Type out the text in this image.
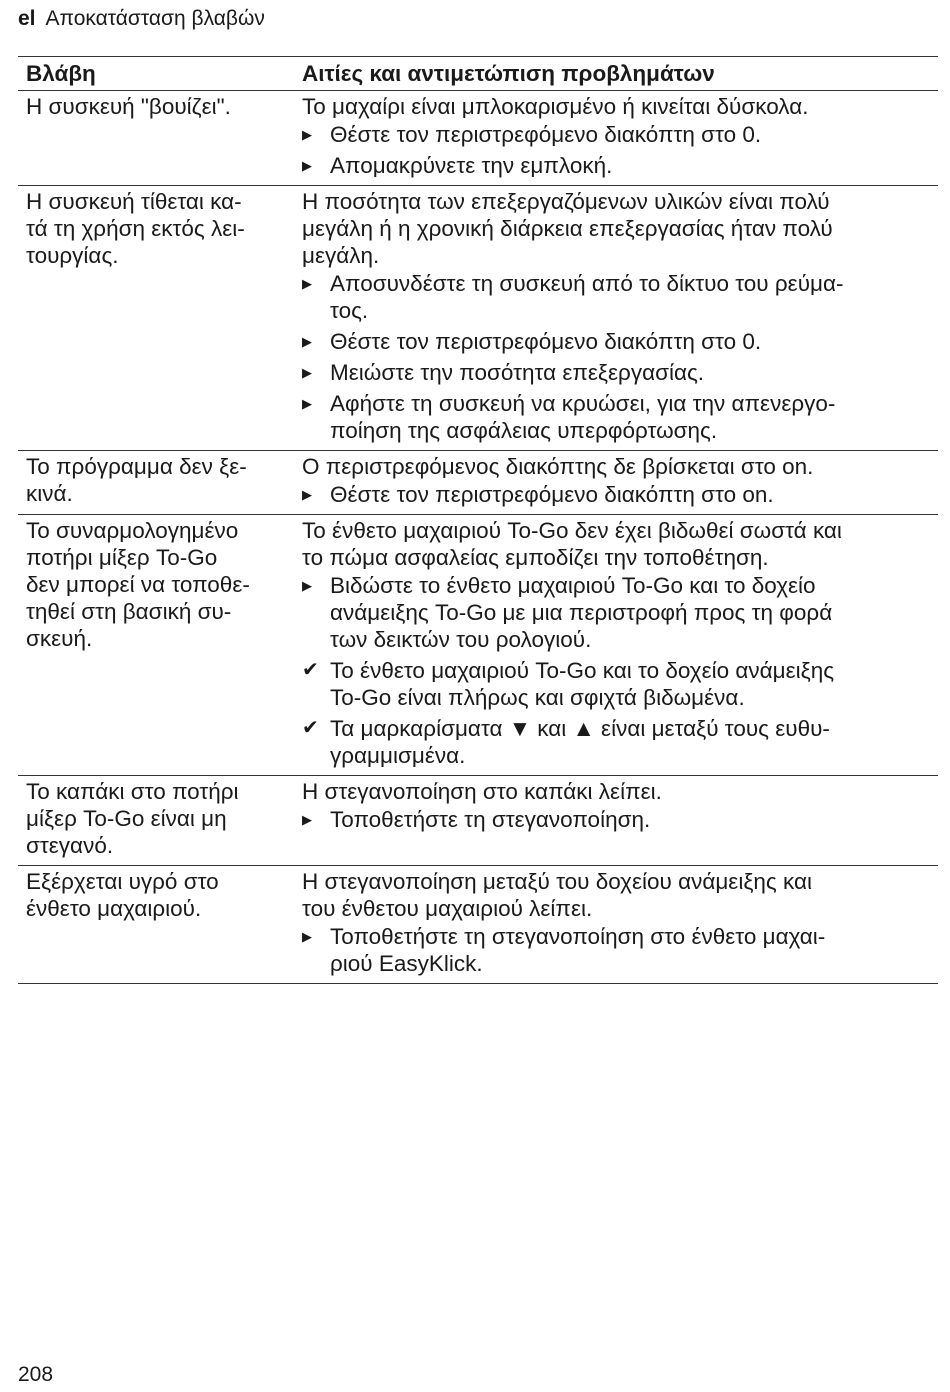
el Αποκατάσταση βλαβών
Βλάβη	Αιτίες και αντιμετώπιση προβλημάτων
Η συσκευή "βουίζει".	Το μαχαίρι είναι μπλοκαρισμένο ή κινείται δύσκολα.
▶ Θέστε τον περιστρεφόμενο διακόπτη στο 0.
▶ Απομακρύνετε την εμπλοκή.
Η συσκευή τίθεται κα-
τά τη χρήση εκτός λει-
τουργίας.
Η ποσότητα των επεξεργαζόμενων υλικών είναι πολύ
μεγάλη ή η χρονική διάρκεια επεξεργασίας ήταν πολύ
μεγάλη.
▶ Αποσυνδέστε τη συσκευή από το δίκτυο του ρεύμα-
τος.
▶ Θέστε τον περιστρεφόμενο διακόπτη στο 0.
▶ Μειώστε την ποσότητα επεξεργασίας.
▶ Αφήστε τη συσκευή να κρυώσει, για την απενεργο-
ποίηση της ασφάλειας υπερφόρτωσης.
Το πρόγραμμα δεν ξε-
κινά.
Ο περιστρεφόμενος διακόπτης δε βρίσκεται στο on.
▶ Θέστε τον περιστρεφόμενο διακόπτη στο on.
Το συναρμολογημένο
ποτήρι μίξερ To-Go
δεν μπορεί να τοποθε-
τηθεί στη βασική συ-
σκευή.
Το ένθετο μαχαιριού To-Go δεν έχει βιδωθεί σωστά και
το πώμα ασφαλείας εμποδίζει την τοποθέτηση.
▶ Βιδώστε το ένθετο μαχαιριού To-Go και το δοχείο
ανάμειξης To-Go με μια περιστροφή προς τη φορά
των δεικτών του ρολογιού.
✔ Το ένθετο μαχαιριού To-Go και το δοχείο ανάμειξης
To-Go είναι πλήρως και σφιχτά βιδωμένα.
✔ Τα μαρκαρίσματα ▼ και ▲ είναι μεταξύ τους ευθυ-
γραμμισμένα.
Το καπάκι στο ποτήρι
μίξερ To-Go είναι μη
στεγανό.
Η στεγανοποίηση στο καπάκι λείπει.
▶ Τοποθετήστε τη στεγανοποίηση.
Εξέρχεται υγρό στο
ένθετο μαχαιριού.
Η στεγανοποίηση μεταξύ του δοχείου ανάμειξης και
του ένθετου μαχαιριού λείπει.
▶ Τοποθετήστε τη στεγανοποίηση στο ένθετο μαχαι-
ριού EasyKlick.
208
